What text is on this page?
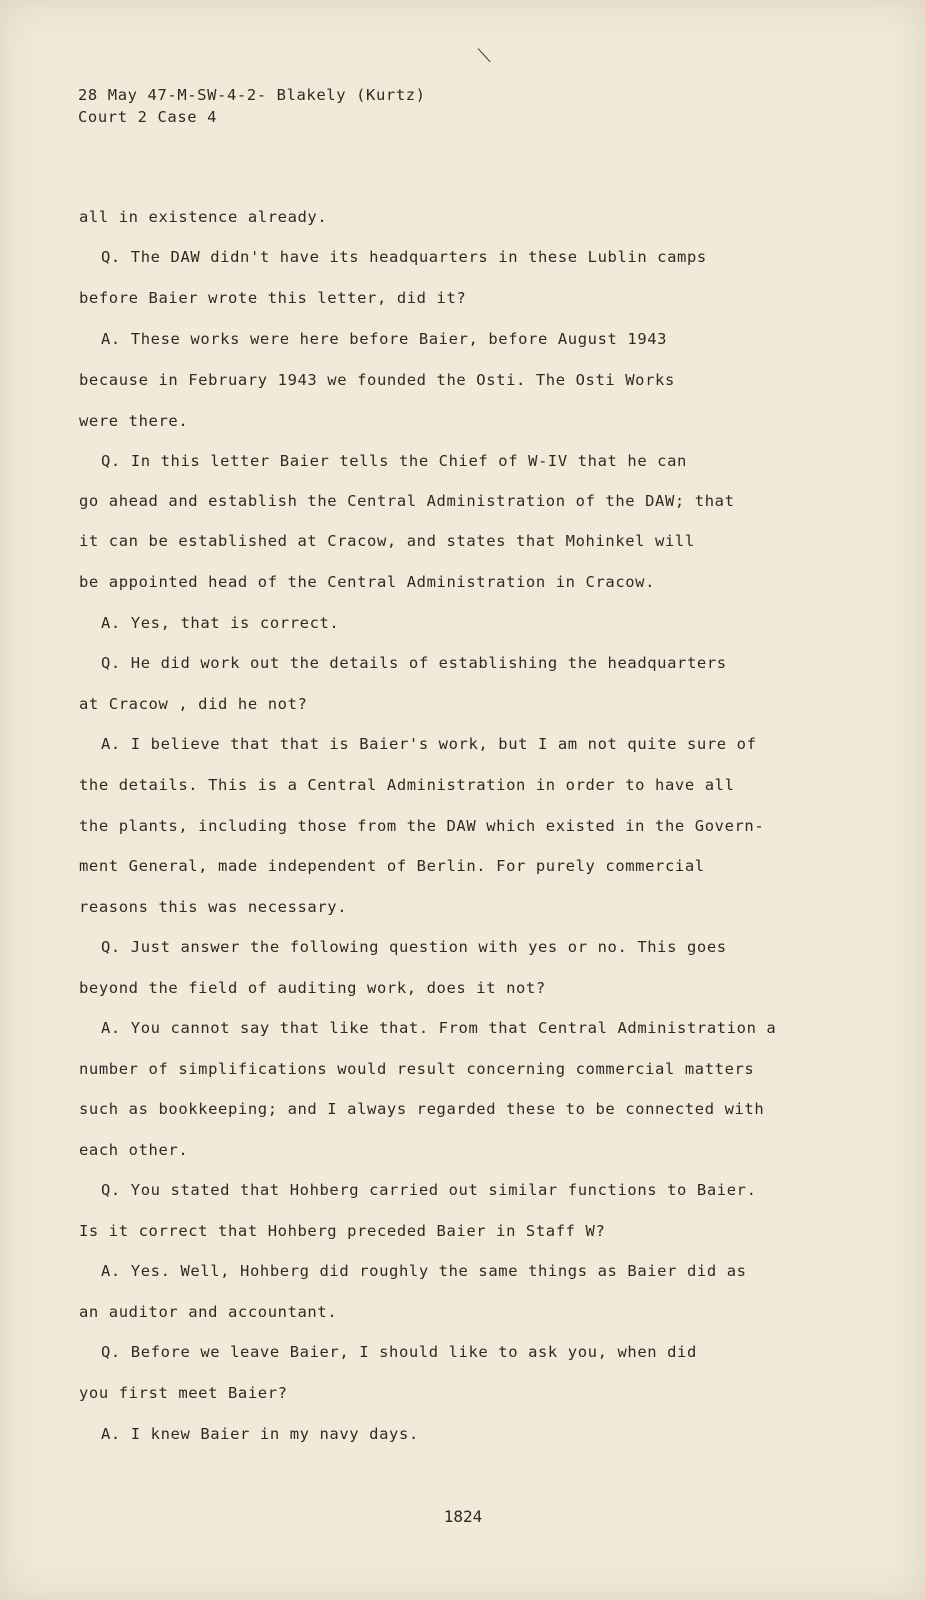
28 May 47-M-SW-4-2- Blakely (Kurtz)
Court 2 Case 4
all in existence already.
Q. The DAW didn't have its headquarters in these Lublin camps
before Baier wrote this letter, did it?
A. These works were here before Baier, before August 1943
because in February 1943 we founded the Osti. The Osti Works
were there.
Q. In this letter Baier tells the Chief of W-IV that he can
go ahead and establish the Central Administration of the DAW; that
it can be established at Cracow, and states that Mohinkel will
be appointed head of the Central Administration in Cracow.
A. Yes, that is correct.
Q. He did work out the details of establishing the headquarters
at Cracow , did he not?
A. I believe that that is Baier's work, but I am not quite sure of
the details. This is a Central Administration in order to have all
the plants, including those from the DAW which existed in the Govern-
ment General, made independent of Berlin. For purely commercial
reasons this was necessary.
Q. Just answer the following question with yes or no. This goes
beyond the field of auditing work, does it not?
A. You cannot say that like that. From that Central Administration a
number of simplifications would result concerning commercial matters
such as bookkeeping; and I always regarded these to be connected with
each other.
Q. You stated that Hohberg carried out similar functions to Baier.
Is it correct that Hohberg preceded Baier in Staff W?
A. Yes. Well, Hohberg did roughly the same things as Baier did as
an auditor and accountant.
Q. Before we leave Baier, I should like to ask you, when did
you first meet Baier?
A. I knew Baier in my navy days.
1824
